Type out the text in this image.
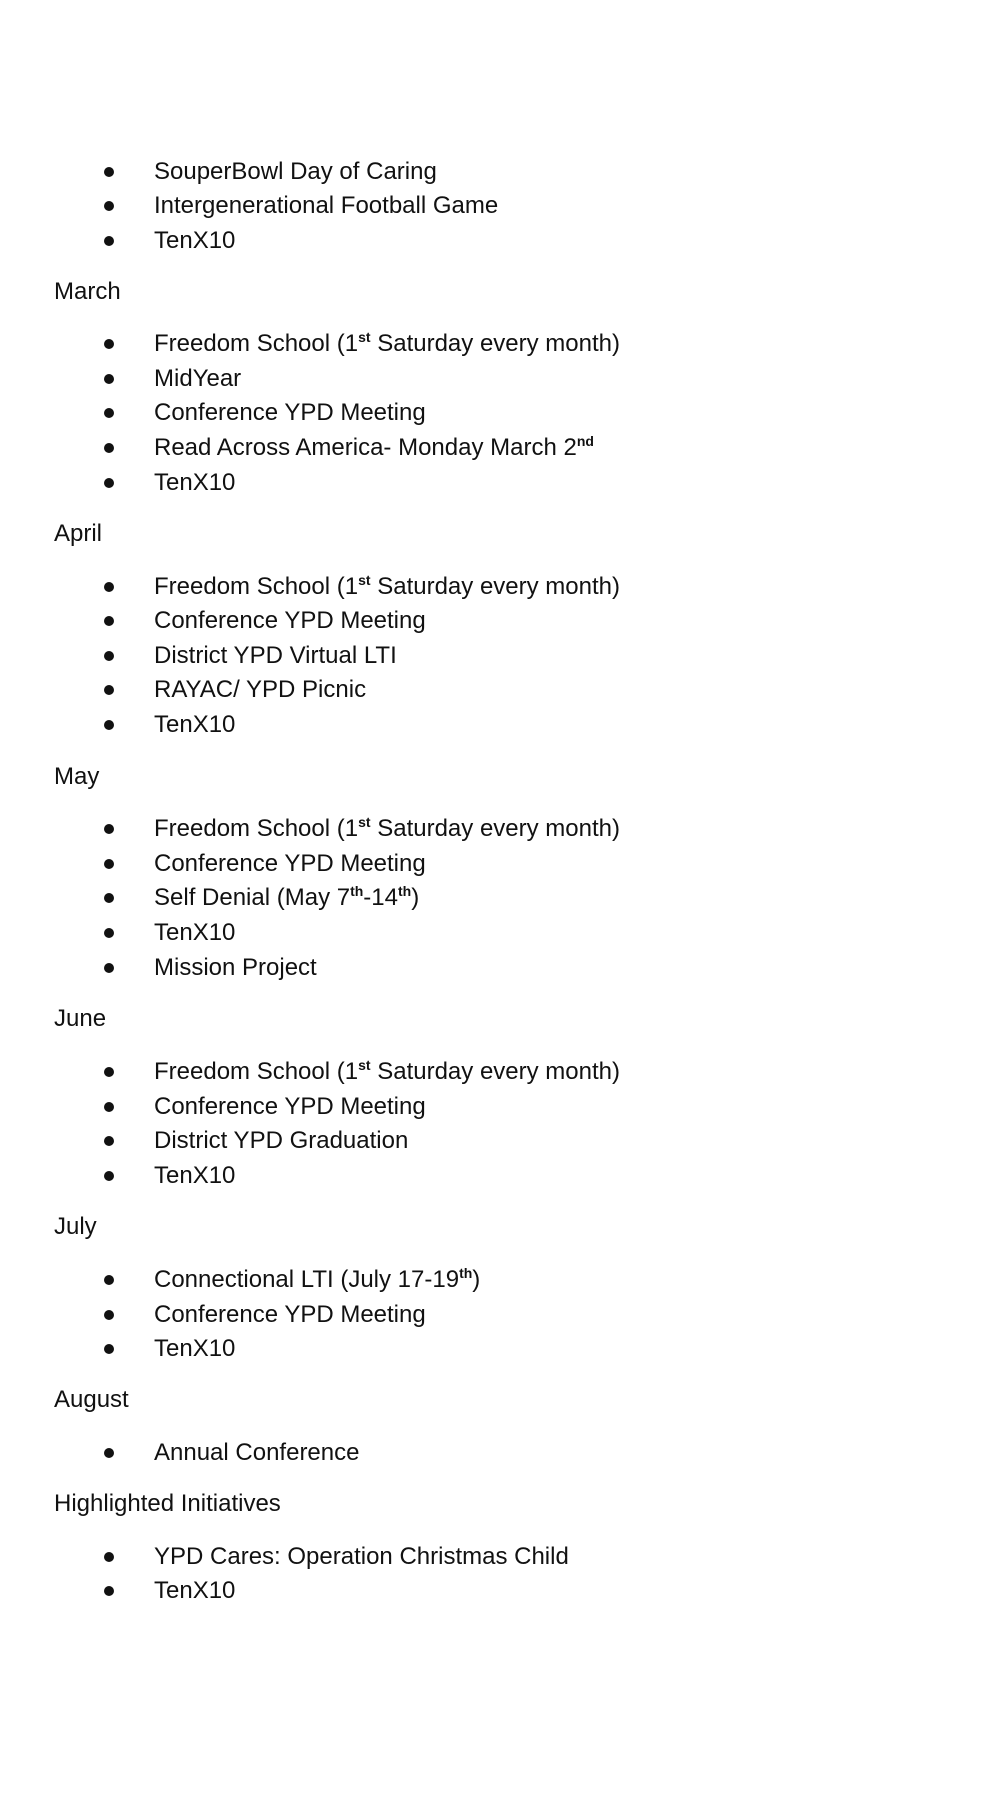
SouperBowl Day of Caring
Intergenerational Football Game
TenX10
March
Freedom School (1st Saturday every month)
MidYear
Conference YPD Meeting
Read Across America- Monday March 2nd
TenX10
April
Freedom School (1st Saturday every month)
Conference YPD Meeting
District YPD Virtual LTI
RAYAC/ YPD Picnic
TenX10
May
Freedom School (1st Saturday every month)
Conference YPD Meeting
Self Denial (May 7th-14th)
TenX10
Mission Project
June
Freedom School (1st Saturday every month)
Conference YPD Meeting
District YPD Graduation
TenX10
July
Connectional LTI (July 17-19th)
Conference YPD Meeting
TenX10
August
Annual Conference
Highlighted Initiatives
YPD Cares: Operation Christmas Child
TenX10
